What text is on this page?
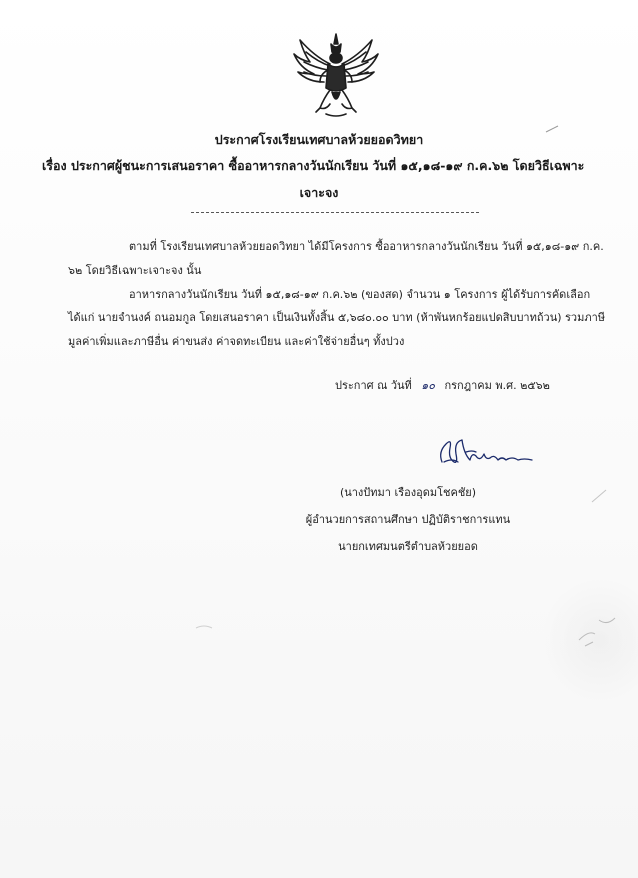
ประกาศโรงเรียนเทศบาลห้วยยอดวิทยา
เรื่อง ประกาศผู้ชนะการเสนอราคา ซื้ออาหารกลางวันนักเรียน วันที่ ๑๕,๑๘-๑๙ ก.ค.๖๒ โดยวิธีเฉพาะ
เจาะจง
ตามที่ โรงเรียนเทศบาลห้วยยอดวิทยา ได้มีโครงการ ซื้ออาหารกลางวันนักเรียน วันที่ ๑๕,๑๘-๑๙ ก.ค.
๖๒ โดยวิธีเฉพาะเจาะจง นั้น
อาหารกลางวันนักเรียน วันที่ ๑๕,๑๘-๑๙ ก.ค.๖๒ (ของสด) จำนวน ๑ โครงการ ผู้ได้รับการคัดเลือก
ได้แก่ นายจำนงค์ ถนอมกูล โดยเสนอราคา เป็นเงินทั้งสิ้น ๕,๖๘๐.๐๐ บาท (ห้าพันหกร้อยแปดสิบบาทถ้วน) รวมภาษี
มูลค่าเพิ่มและภาษีอื่น ค่าขนส่ง ค่าจดทะเบียน และค่าใช้จ่ายอื่นๆ ทั้งปวง
ประกาศ ณ วันที่ ๑๐ กรกฎาคม พ.ศ. ๒๕๖๒
(นางปัทมา เรืองอุดมโชคชัย)
ผู้อำนวยการสถานศึกษา ปฏิบัติราชการแทน
นายกเทศมนตรีตำบลห้วยยอด
